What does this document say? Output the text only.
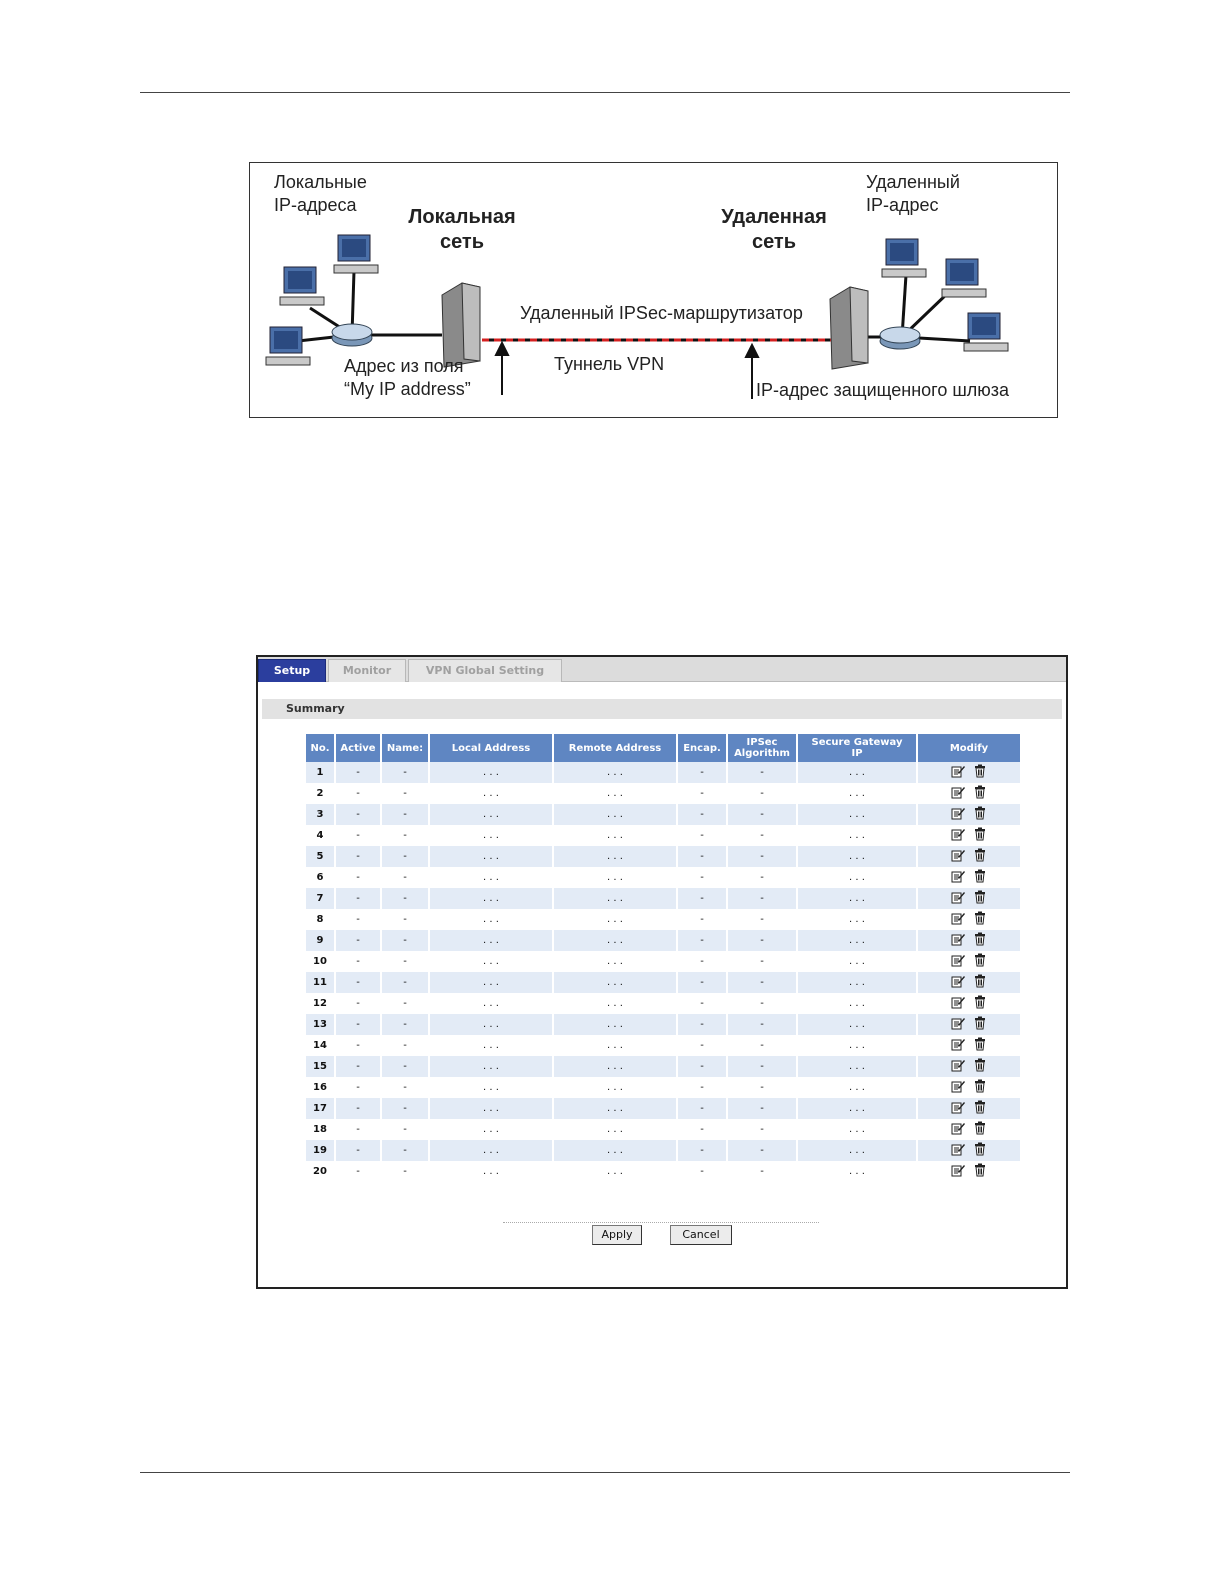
Локальные
IP-адреса
Локальная
сеть
Удаленная
сеть
Удаленный
IP-адрес
Удаленный IPSec-маршрутизатор
Адрес из поля
“My IP address”
Туннель VPN
IP-адрес защищенного шлюза
Setup	Monitor	VPN Global Setting
Summary
No.	Active	Name:	Local Address	Remote Address	Encap.	IPSec
Algorithm	Secure Gateway
IP	Modify
1	-	-	. . .	. . .	-	-	. . .	

2	-	-	. . .	. . .	-	-	. . .	

3	-	-	. . .	. . .	-	-	. . .	

4	-	-	. . .	. . .	-	-	. . .	

5	-	-	. . .	. . .	-	-	. . .	

6	-	-	. . .	. . .	-	-	. . .	

7	-	-	. . .	. . .	-	-	. . .	

8	-	-	. . .	. . .	-	-	. . .	

9	-	-	. . .	. . .	-	-	. . .	

10	-	-	. . .	. . .	-	-	. . .	

11	-	-	. . .	. . .	-	-	. . .	

12	-	-	. . .	. . .	-	-	. . .	

13	-	-	. . .	. . .	-	-	. . .	

14	-	-	. . .	. . .	-	-	. . .	

15	-	-	. . .	. . .	-	-	. . .	

16	-	-	. . .	. . .	-	-	. . .	

17	-	-	. . .	. . .	-	-	. . .	

18	-	-	. . .	. . .	-	-	. . .	

19	-	-	. . .	. . .	-	-	. . .	

20	-	-	. . .	. . .	-	-	. . .	
Apply	Cancel
